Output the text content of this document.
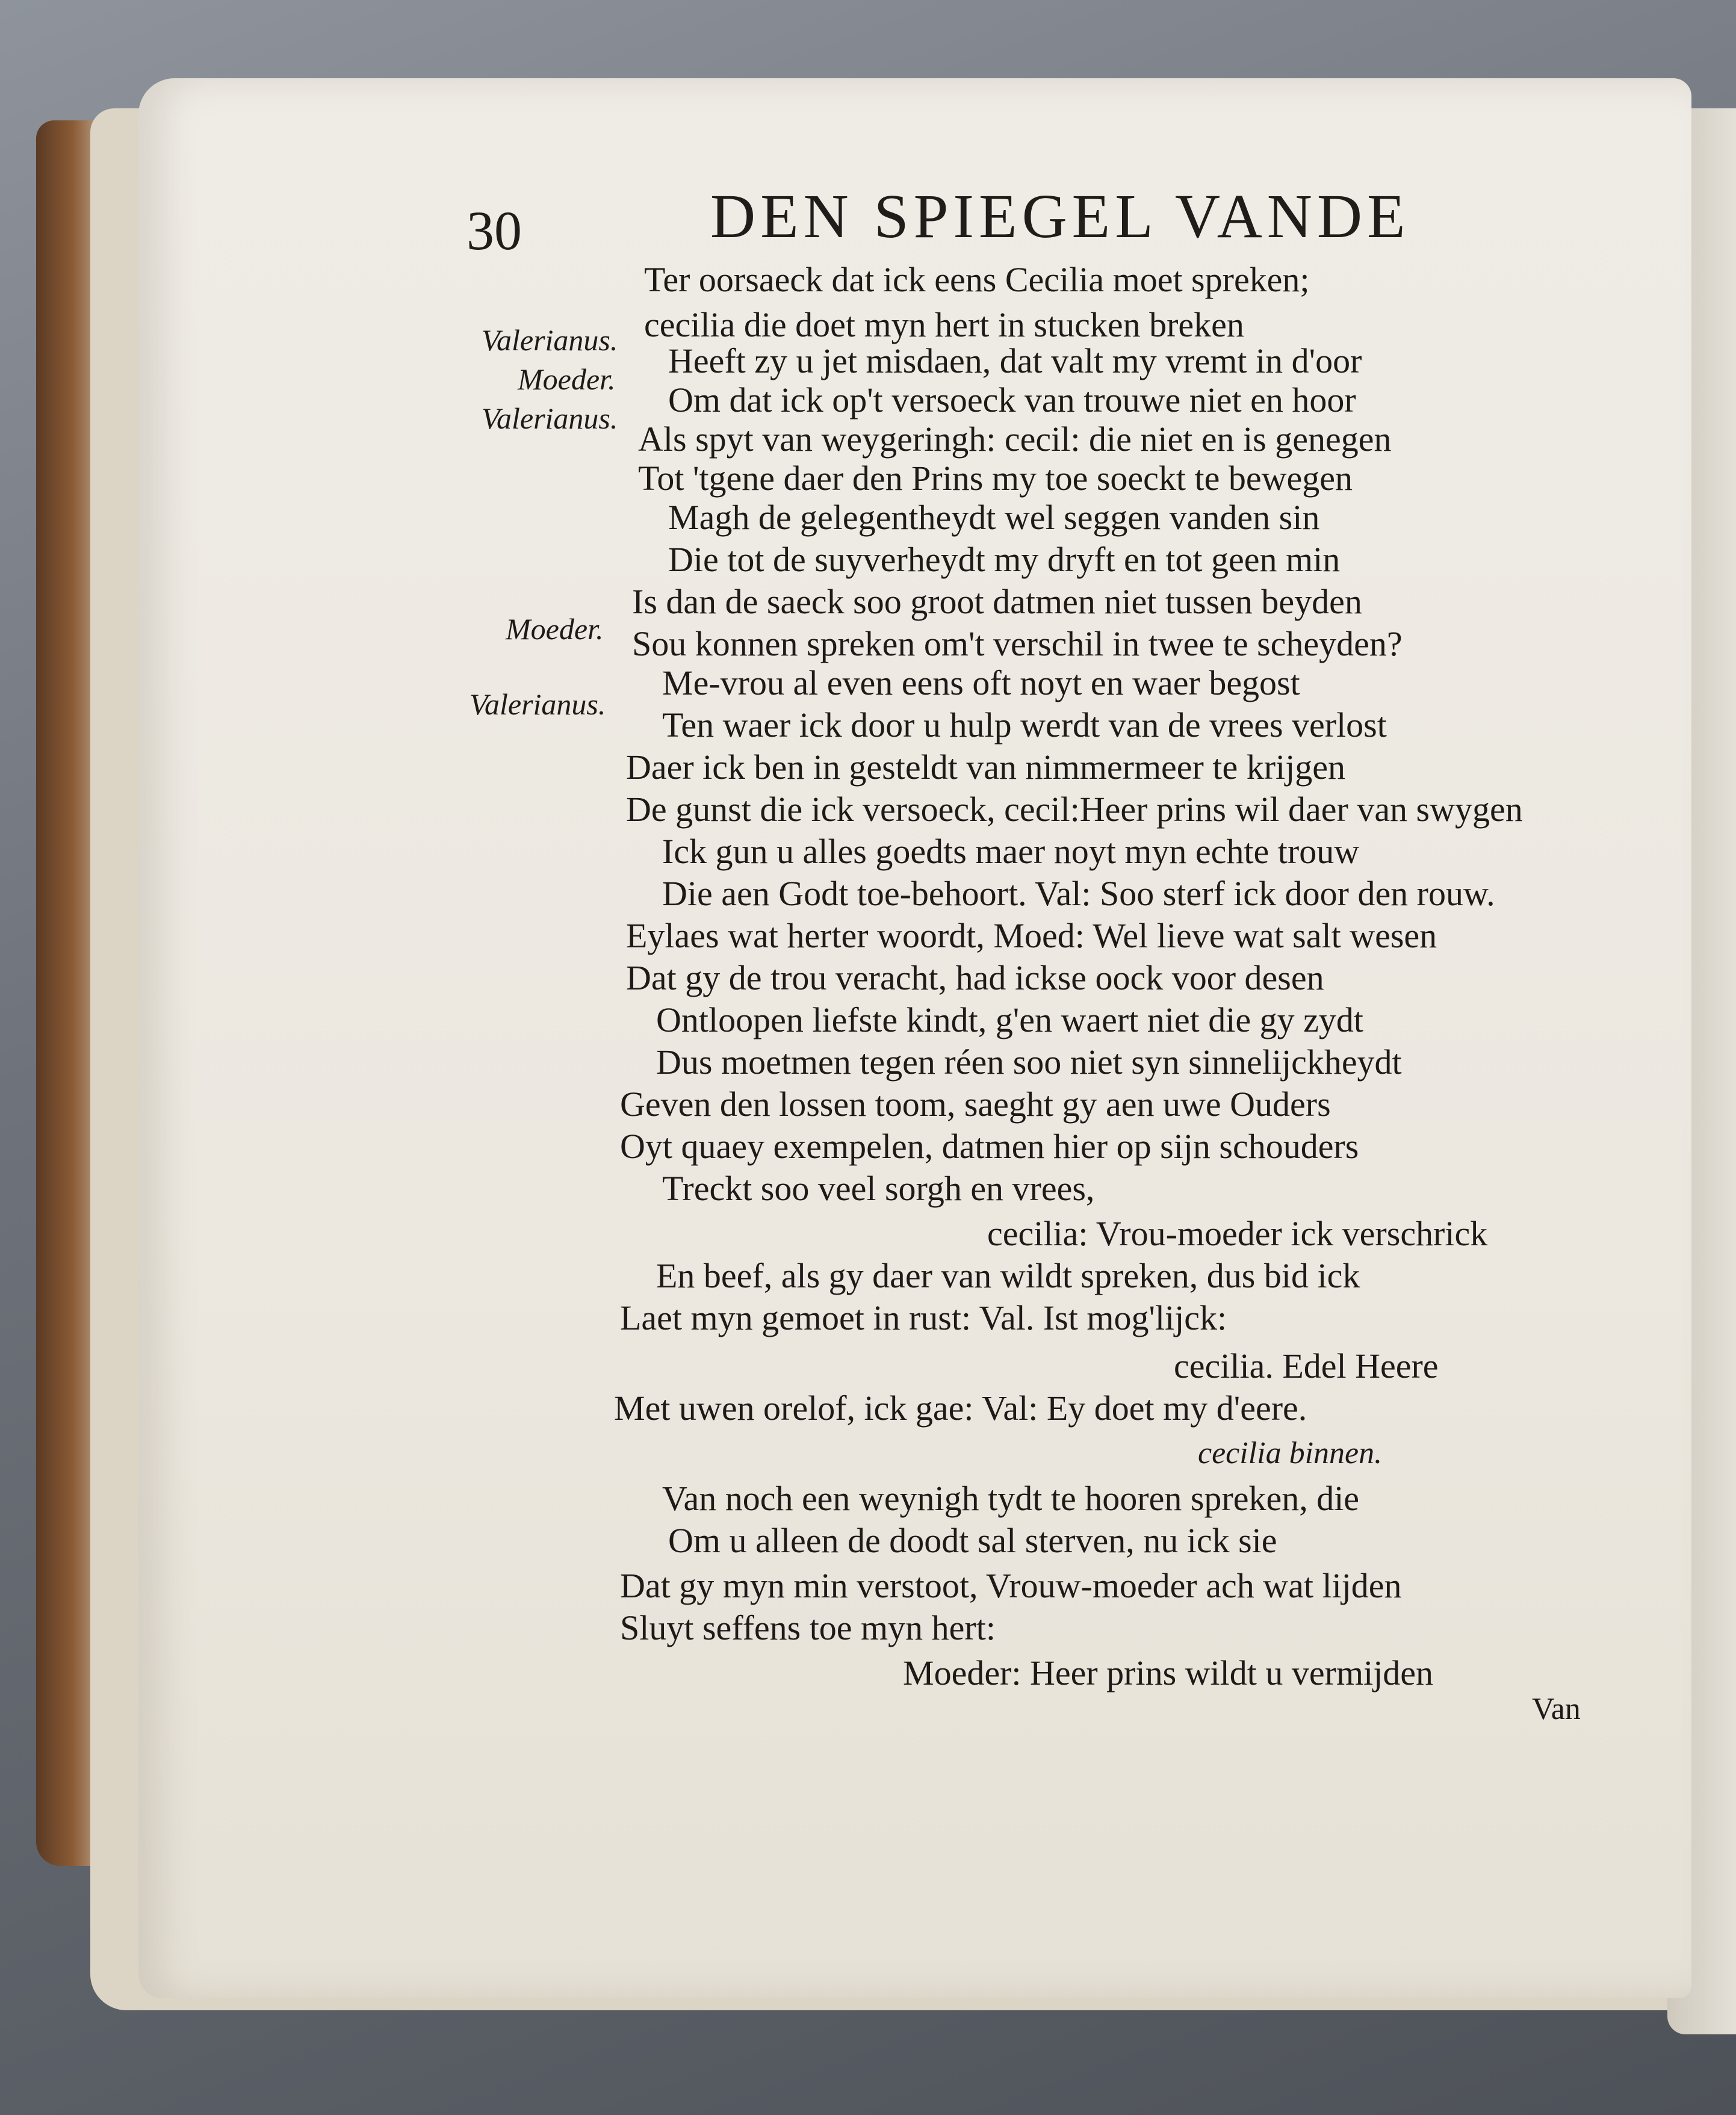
30	DEN SPIEGEL VANDE
Valerianus.
Moeder.
Valerianus.
Moeder.
Valerianus.
Ter oorsaeck dat ick eens Cecilia moet spreken;
cecilia die doet myn hert in stucken breken
Heeft zy u jet misdaen, dat valt my vremt in d'oor
Om dat ick op't versoeck van trouwe niet en hoor
Als spyt van weygeringh: cecil: die niet en is genegen
Tot 'tgene daer den Prins my toe soeckt te bewegen
Magh de gelegentheydt wel seggen vanden sin
Die tot de suyverheydt my dryft en tot geen min
Is dan de saeck soo groot datmen niet tussen beyden
Sou konnen spreken om't verschil in twee te scheyden?
Me-vrou al even eens oft noyt en waer begost
Ten waer ick door u hulp werdt van de vrees verlost
Daer ick ben in gesteldt van nimmermeer te krijgen
De gunst die ick versoeck, cecil:Heer prins wil daer van swygen
Ick gun u alles goedts maer noyt myn echte trouw
Die aen Godt toe-behoort. Val: Soo sterf ick door den rouw.
Eylaes wat herter woordt, Moed: Wel lieve wat salt wesen
Dat gy de trou veracht, had ickse oock voor desen
Ontloopen liefste kindt, g'en waert niet die gy zydt
Dus moetmen tegen réen soo niet syn sinnelijckheydt
Geven den lossen toom, saeght gy aen uwe Ouders
Oyt quaey exempelen, datmen hier op sijn schouders
Treckt soo veel sorgh en vrees,
cecilia: Vrou-moeder ick verschrick
En beef, als gy daer van wildt spreken, dus bid ick
Laet myn gemoet in rust: Val. Ist mog'lijck:
cecilia. Edel Heere
Met uwen orelof, ick gae: Val: Ey doet my d'eere.
cecilia binnen.
Van noch een weynigh tydt te hooren spreken, die
Om u alleen de doodt sal sterven, nu ick sie
Dat gy myn min verstoot, Vrouw-moeder ach wat lijden
Sluyt seffens toe myn hert:
Moeder: Heer prins wildt u vermijden
Van
